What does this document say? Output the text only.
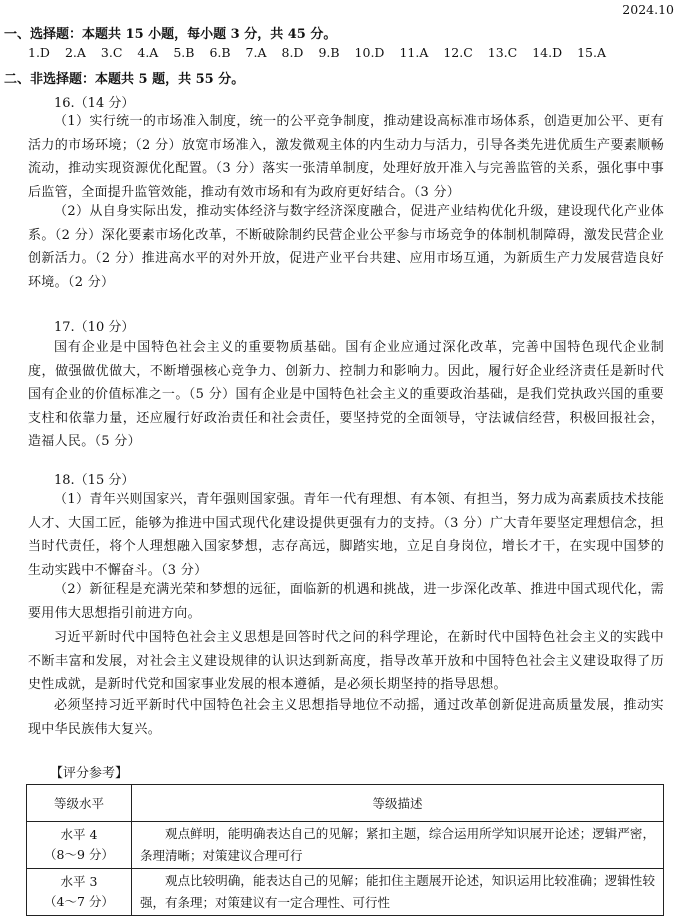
2024.10
一、选择题：本题共 15 小题，每小题 3 分，共 45 分。
1.D 2.A 3.C 4.A 5.B 6.B 7.A 8.D 9.B 10.D 11.A 12.C 13.C 14.D 15.A
二、非选择题：本题共 5 题，共 55 分。
16.（14 分）
（1）实行统一的市场准入制度，统一的公平竞争制度，推动建设高标准市场体系，创造更加公平、更有活力的市场环境；（2 分）放宽市场准入，激发微观主体的内生动力与活力，引导各类先进优质生产要素顺畅流动，推动实现资源优化配置。（3 分）落实一张清单制度，处理好放开准入与完善监管的关系，强化事中事后监管，全面提升监管效能，推动有效市场和有为政府更好结合。（3 分）
（2）从自身实际出发，推动实体经济与数字经济深度融合，促进产业结构优化升级，建设现代化产业体系。（2 分）深化要素市场化改革，不断破除制约民营企业公平参与市场竞争的体制机制障碍，激发民营企业创新活力。（2 分）推进高水平的对外开放，促进产业平台共建、应用市场互通，为新质生产力发展营造良好环境。（2 分）
17.（10 分）
国有企业是中国特色社会主义的重要物质基础。国有企业应通过深化改革，完善中国特色现代企业制度，做强做优做大，不断增强核心竞争力、创新力、控制力和影响力。因此，履行好企业经济责任是新时代国有企业的价值标准之一。（5 分）国有企业是中国特色社会主义的重要政治基础，是我们党执政兴国的重要支柱和依靠力量，还应履行好政治责任和社会责任，要坚持党的全面领导，守法诚信经营，积极回报社会，造福人民。（5 分）
18.（15 分）
（1）青年兴则国家兴，青年强则国家强。青年一代有理想、有本领、有担当，努力成为高素质技术技能人才、大国工匠，能够为推进中国式现代化建设提供更强有力的支持。（3 分）广大青年要坚定理想信念，担当时代责任，将个人理想融入国家梦想，志存高远，脚踏实地，立足自身岗位，增长才干，在实现中国梦的生动实践中不懈奋斗。（3 分）
（2）新征程是充满光荣和梦想的远征，面临新的机遇和挑战，进一步深化改革、推进中国式现代化，需要用伟大思想指引前进方向。
习近平新时代中国特色社会主义思想是回答时代之问的科学理论，在新时代中国特色社会主义的实践中不断丰富和发展，对社会主义建设规律的认识达到新高度，指导改革开放和中国特色社会主义建设取得了历史性成就，是新时代党和国家事业发展的根本遵循，是必须长期坚持的指导思想。
必须坚持习近平新时代中国特色社会主义思想指导地位不动摇，通过改革创新促进高质量发展，推动实现中华民族伟大复兴。
【评分参考】
等级水平	等级描述

水平 4
（8～9 分）	观点鲜明，能明确表达自己的见解；紧扣主题，综合运用所学知识展开论述；逻辑严密，条理清晰；对策建议合理可行

水平 3
（4～7 分）	观点比较明确，能表达自己的见解；能扣住主题展开论述，知识运用比较准确；逻辑性较强，有条理；对策建议有一定合理性、可行性
